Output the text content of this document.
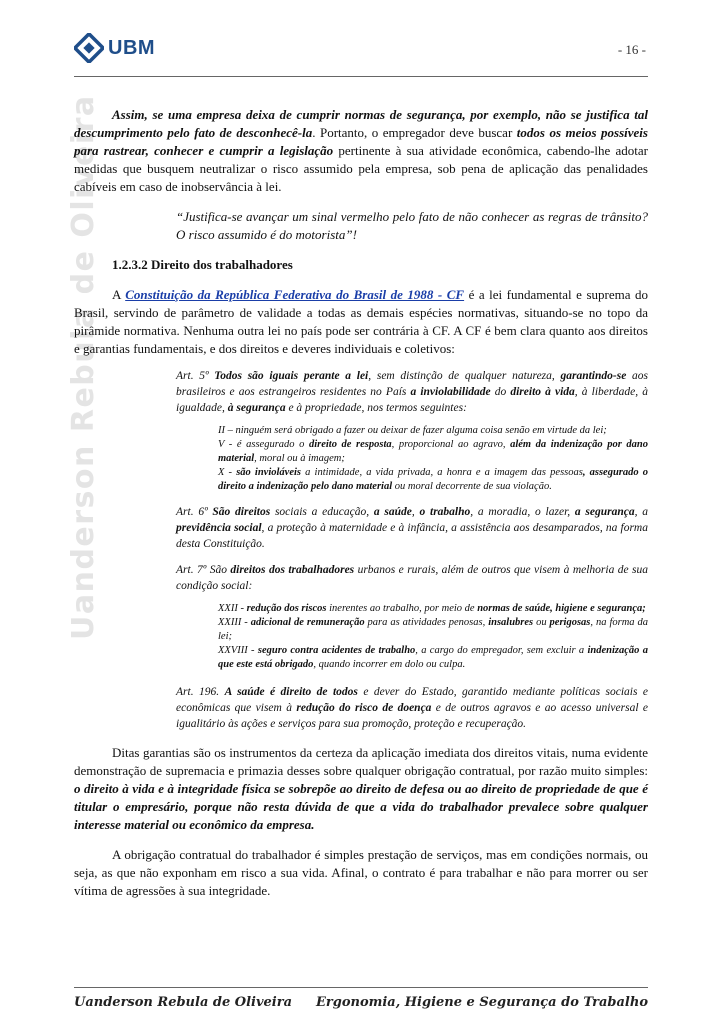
UBM	- 16 -
Uanderson Rebula de Oliveira Assim, se uma empresa deixa de cumprir normas de segurança, por exemplo, não se justifica tal descumprimento pelo fato de desconhecê-la. Portanto, o empregador deve buscar todos os meios possíveis para rastrear, conhecer e cumprir a legislação pertinente à sua atividade econômica, cabendo-lhe adotar medidas que busquem neutralizar o risco assumido pela empresa, sob pena de aplicação das penalidades cabíveis em caso de inobservância à lei.

“Justifica-se avançar um sinal vermelho pelo fato de não conhecer as regras de trânsito? O risco assumido é do motorista”!

1.2.3.2 Direito dos trabalhadores

A Constituição da República Federativa do Brasil de 1988 - CF é a lei fundamental e suprema do Brasil, servindo de parâmetro de validade a todas as demais espécies normativas, situando-se no topo da pirâmide normativa. Nenhuma outra lei no país pode ser contrária à CF. A CF é bem clara quanto aos direitos e garantias fundamentais, e dos direitos e deveres individuais e coletivos:

Art. 5º Todos são iguais perante a lei, sem distinção de qualquer natureza, garantindo-se aos brasileiros e aos estrangeiros residentes no País a inviolabilidade do direito à vida, à liberdade, à igualdade, à segurança e à propriedade, nos termos seguintes:

II – ninguém será obrigado a fazer ou deixar de fazer alguma coisa senão em virtude da lei;
V - é assegurado o direito de resposta, proporcional ao agravo, além da indenização por dano material, moral ou à imagem;
X - são invioláveis a intimidade, a vida privada, a honra e a imagem das pessoas, assegurado o direito a indenização pelo dano material ou moral decorrente de sua violação.

Art. 6º São direitos sociais a educação, a saúde, o trabalho, a moradia, o lazer, a segurança, a previdência social, a proteção à maternidade e à infância, a assistência aos desamparados, na forma desta Constituição.

Art. 7º São direitos dos trabalhadores urbanos e rurais, além de outros que visem à melhoria de sua condição social:

XXII - redução dos riscos inerentes ao trabalho, por meio de normas de saúde, higiene e segurança;
XXIII - adicional de remuneração para as atividades penosas, insalubres ou perigosas, na forma da lei;
XXVIII - seguro contra acidentes de trabalho, a cargo do empregador, sem excluir a indenização a que este está obrigado, quando incorrer em dolo ou culpa.

Art. 196. A saúde é direito de todos e dever do Estado, garantido mediante políticas sociais e econômicas que visem à redução do risco de doença e de outros agravos e ao acesso universal e igualitário às ações e serviços para sua promoção, proteção e recuperação.

Ditas garantias são os instrumentos da certeza da aplicação imediata dos direitos vitais, numa evidente demonstração de supremacia e primazia desses sobre qualquer obrigação contratual, por razão muito simples: o direito à vida e à integridade física se sobrepõe ao direito de defesa ou ao direito de propriedade de que é titular o empresário, porque não resta dúvida de que a vida do trabalhador prevalece sobre qualquer interesse material ou econômico da empresa.

A obrigação contratual do trabalhador é simples prestação de serviços, mas em condições normais, ou seja, as que não exponham em risco a sua vida. Afinal, o contrato é para trabalhar e não para morrer ou ser vítima de agressões à sua integridade.

Uanderson Rebula de Oliveira Ergonomia, Higiene e Segurança do Trabalho
